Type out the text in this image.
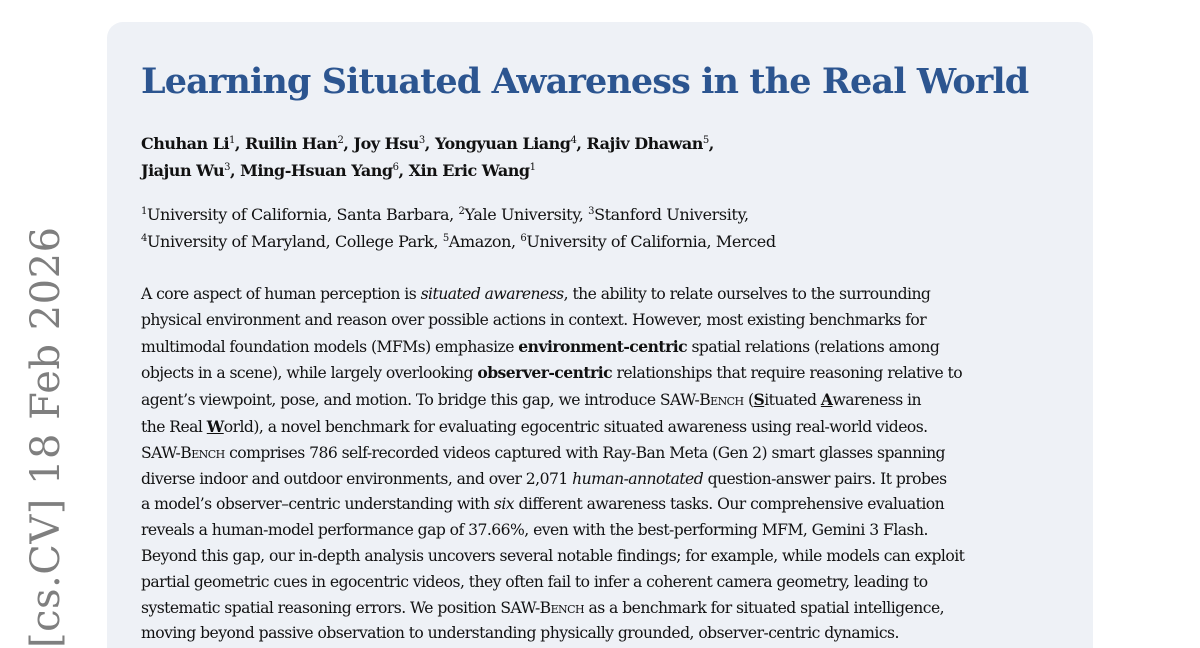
[cs.CV] 18 Feb 2026
Learning Situated Awareness in the Real World
Chuhan Li$^1$, Ruilin Han$^2$, Joy Hsu$^3$, Yongyuan Liang$^4$, Rajiv Dhawan$^5$,
Jiajun Wu$^3$, Ming-Hsuan Yang$^6$, Xin Eric Wang$^1$
$^1$University of California, Santa Barbara, $^2$Yale University, $^3$Stanford University,
$^4$University of Maryland, College Park, $^5$Amazon, $^6$University of California, Merced
A core aspect of human perception is situated awareness, the ability to relate ourselves to the surrounding
physical environment and reason over possible actions in context. However, most existing benchmarks for
multimodal foundation models (MFMs) emphasize environment-centric spatial relations (relations among
objects in a scene), while largely overlooking observer-centric relationships that require reasoning relative to
agent’s viewpoint, pose, and motion. To bridge this gap, we introduce SAW-Bench (Situated Awareness in
the Real World), a novel benchmark for evaluating egocentric situated awareness using real-world videos.
SAW-Bench comprises 786 self-recorded videos captured with Ray-Ban Meta (Gen 2) smart glasses spanning
diverse indoor and outdoor environments, and over 2,071 human-annotated question-answer pairs. It probes
a model’s observer–centric understanding with six different awareness tasks. Our comprehensive evaluation
reveals a human-model performance gap of 37.66%, even with the best-performing MFM, Gemini 3 Flash.
Beyond this gap, our in-depth analysis uncovers several notable findings; for example, while models can exploit
partial geometric cues in egocentric videos, they often fail to infer a coherent camera geometry, leading to
systematic spatial reasoning errors. We position SAW-Bench as a benchmark for situated spatial intelligence,
moving beyond passive observation to understanding physically grounded, observer-centric dynamics.
